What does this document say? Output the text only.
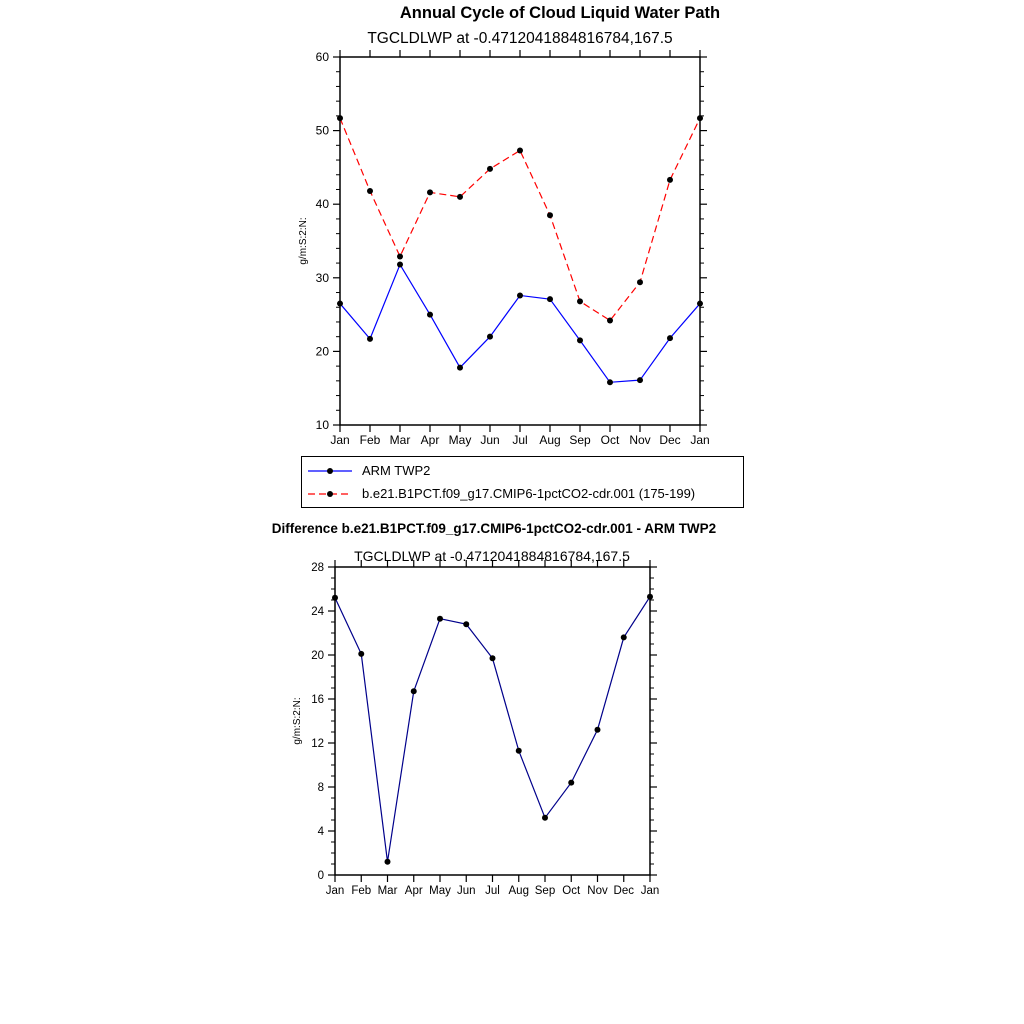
Annual Cycle of Cloud Liquid Water Path
TGCLDLWP at -0.4712041884816784,167.5
10
20
30
40
50
60
Jan Feb Mar Apr May Jun Jul Aug Sep Oct Nov Dec Jan
g/m:S:2:N:
ARM TWP2
b.e21.B1PCT.f09_g17.CMIP6-1pctCO2-cdr.001 (175-199)
Difference b.e21.B1PCT.f09_g17.CMIP6-1pctCO2-cdr.001 - ARM TWP2
TGCLDLWP at -0.4712041884816784,167.5
0
4
8
12
16
20
24
28
Jan Feb Mar Apr May Jun Jul Aug Sep Oct Nov Dec Jan
g/m:S:2:N:
